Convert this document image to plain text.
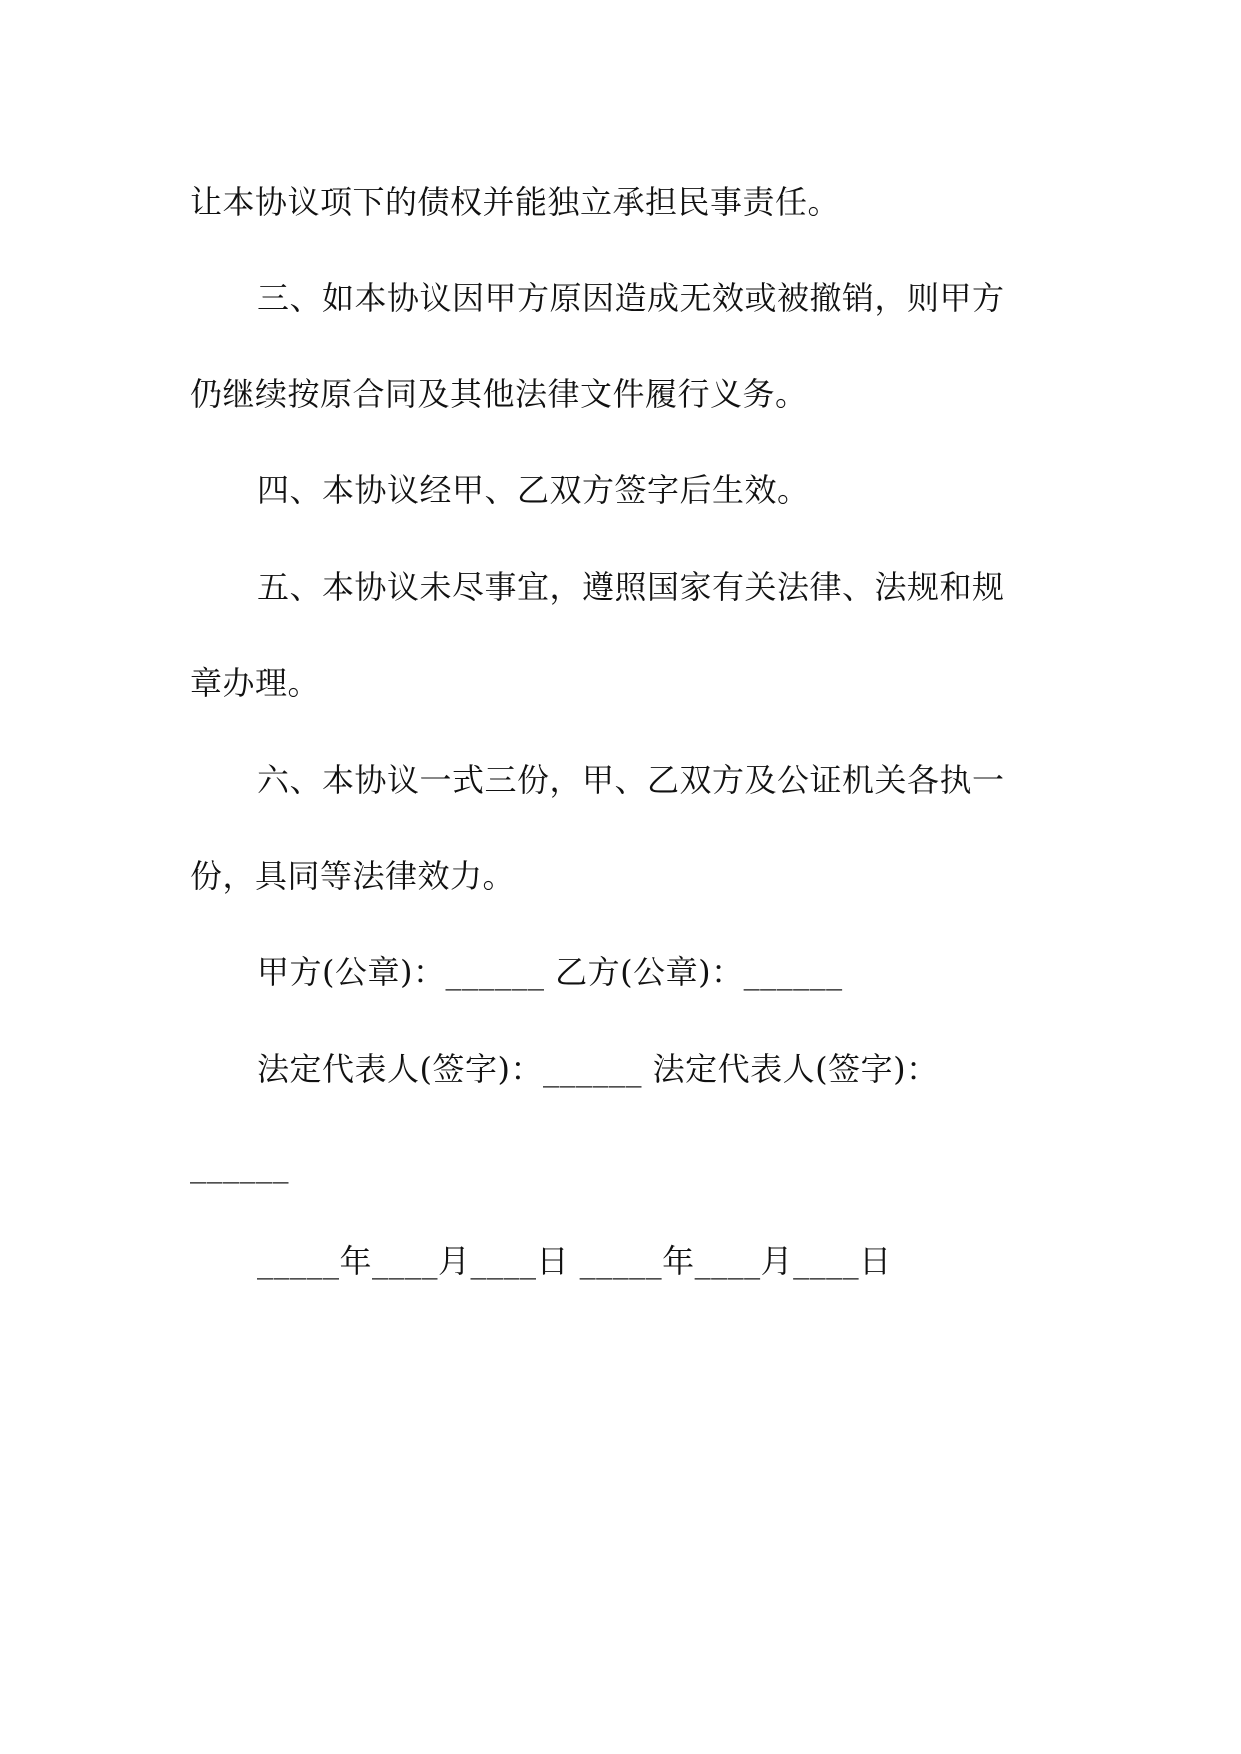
让本协议项下的债权并能独立承担民事责任。
三、如本协议因甲方原因造成无效或被撤销，则甲方
仍继续按原合同及其他法律文件履行义务。
四、本协议经甲、乙双方签字后生效。
五、本协议未尽事宜，遵照国家有关法律、法规和规
章办理。
六、本协议一式三份，甲、乙双方及公证机关各执一
份，具同等法律效力。
甲方(公章)：______ 乙方(公章)：______
法定代表人(签字)：______ 法定代表人(签字)：
______
_____年____月____日 _____年____月____日
